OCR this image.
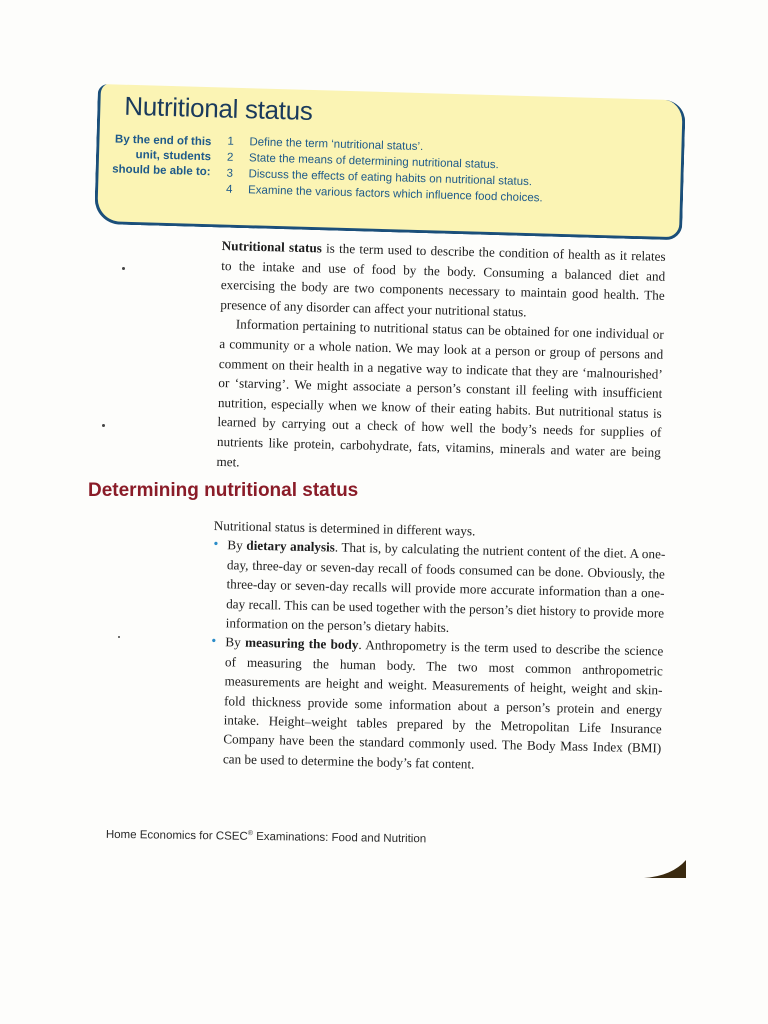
Nutritional status
By the end of this unit, students should be able to:
1	Define the term ‘nutritional status’.
2	State the means of determining nutritional status.
3	Discuss the effects of eating habits on nutritional status.
4	Examine the various factors which influence food choices.

Nutritional status is the term used to describe the condition of health as it relates to the intake and use of food by the body. Consuming a balanced diet and exercising the body are two components necessary to maintain good health. The presence of any disorder can affect your nutritional status.

Information pertaining to nutritional status can be obtained for one individual or a community or a whole nation. We may look at a person or group of persons and comment on their health in a negative way to indicate that they are ‘malnourished’ or ‘starving’. We might associate a person’s constant ill feeling with insufficient nutrition, especially when we know of their eating habits. But nutritional status is learned by carrying out a check of how well the body’s needs for supplies of nutrients like protein, carbohydrate, fats, vitamins, minerals and water are being met.

Determining nutritional status

Nutritional status is determined in different ways.

• By dietary analysis. That is, by calculating the nutrient content of the diet. A one-day, three-day or seven-day recall of foods consumed can be done. Obviously, the three-day or seven-day recalls will provide more accurate information than a one-day recall. This can be used together with the person’s diet history to provide more information on the person’s dietary habits.

• By measuring the body. Anthropometry is the term used to describe the science of measuring the human body. The two most common anthropometric measurements are height and weight. Measurements of height, weight and skin-fold thickness provide some information about a person’s protein and energy intake. Height–weight tables prepared by the Metropolitan Life Insurance Company have been the standard commonly used. The Body Mass Index (BMI) can be used to determine the body’s fat content.

Home Economics for CSEC® Examinations: Food and Nutrition
